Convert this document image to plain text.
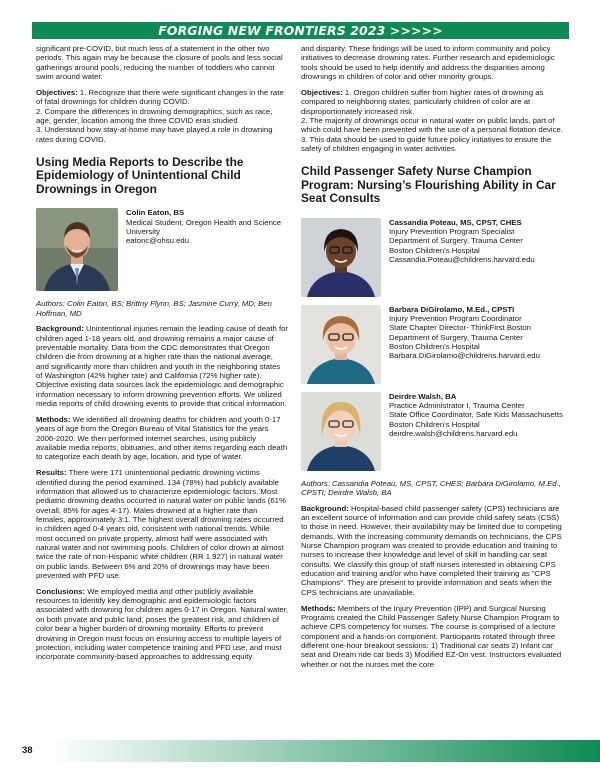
FORGING NEW FRONTIERS 2023 >>>>>

significant pre-COVID, but much less of a statement in the other two periods. This again may be because the closure of pools and less social gatherings around pools, reducing the number of toddlers who cannot swim around water.

Objectives: 1. Recognize that there were significant changes in the rate of fatal drownings for children during COVID.
2. Compare the differences in drowning demographics, such as race, age, gender, location among the three COVID eras studied
3. Understand how stay-at-home may have played a role in drowning rates during COVID.

Using Media Reports to Describe the Epidemiology of Unintentional Child Drownings in Oregon
Colin Eaton, BS
Medical Student, Oregon Health and Science University
eatonc@ohsu.edu

Authors: Colin Eaton, BS; Brittny Flynn, BS; Jasmine Curry, MD; Ben Hoffman, MD

Background: Unintentional injuries remain the leading cause of death for children aged 1-18 years old, and drowning remains a major cause of preventable mortality. Data from the CDC demonstrates that Oregon children die from drowning at a higher rate than the national average, and significantly more than children and youth in the neighboring states of Washington (42% higher rate) and California (72% higher rate). Objective existing data sources lack the epidemiologic and demographic information necessary to inform drowning prevention efforts. We utilized media reports of child drowning events to provide that critical information.

Methods: We identified all drowning deaths for children and youth 0-17 years of age from the Oregon Bureau of Vital Statistics for the years 2006-2020. We then performed internet searches, using publicly available media reports, obituaries, and other items regarding each death to categorize each death by age, location, and type of water.

Results: There were 171 unintentional pediatric drowning victims identified during the period examined. 134 (78%) had publicly available information that allowed us to characterize epidemiologic factors. Most pediatric drowning deaths occurred in natural water on public lands (61% overall, 85% for ages 4-17). Males drowned at a higher rate than females, approximately 3:1. The highest overall drowning rates occurred in children aged 0-4 years old, consistent with national trends. While most occurred on private property, almost half were associated with natural water and not swimming pools. Children of color drown at almost twice the rate of non-Hispanic white children (RR 1.927) in natural water on public lands. Between 6% and 20% of drownings may have been prevented with PFD use.

Conclusions: We employed media and other publicly available resources to identify key demographic and epidemiologic factors associated with drowning for children ages 0-17 in Oregon. Natural water, on both private and public land, poses the greatest risk, and children of color bear a higher burden of drowning mortality. Efforts to prevent drowning in Oregon must focus on ensuring access to multiple layers of protection, including water competence training and PFD use, and must incorporate community-based approaches to addressing equity

and disparity. These findings will be used to inform community and policy initiatives to decrease drowning rates. Further research and epidemiologic tools should be used to help identify and address the disparities among drownings in children of color and other minority groups.

Objectives: 1. Oregon children suffer from higher rates of drowning as compared to neighboring states, particularly children of color are at disproportionately increased risk.
2. The majority of drownings occur in natural water on public lands, part of which could have been prevented with the use of a personal flotation device.
3. This data should be used to guide future policy initiatives to ensure the safety of children engaging in water activities.

Child Passenger Safety Nurse Champion Program: Nursing’s Flourishing Ability in Car Seat Consults
Cassandia Poteau, MS, CPST, CHES
Injury Prevention Program Specialist
Department of Surgery, Trauma Center
Boston Children’s Hospital
Cassandia.Poteau@childrens.harvard.edu
Barbara DiGirolamo, M.Ed., CPSTI
Injury Prevention Program Coordinator
State Chapter Director- ThinkFirst Boston
Department of Surgery, Trauma Center
Boston Children’s Hospital
Barbara.DiGirolamo@childrens.harvard.edu
Deirdre Walsh, BA
Practice Administrator I, Trauma Center
State Office Coordinator, Safe Kids Massachusetts
Boston Children’s Hospital
deirdre.walsh@childrens.harvard.edu

Authors: Cassandia Poteau, MS, CPST, CHES; Barbara DiGirolamo, M.Ed., CPSTI; Deirdre Walsh, BA

Background: Hospital-based child passenger safety (CPS) technicians are an excellent source of information and can provide child safety seats (CSS) to those in need. However, their availability may be limited due to competing demands. With the increasing community demands on technicians, the CPS Nurse Champion program was created to provide education and training to nurses to increase their knowledge and level of skill in handling car seat consults. We classify this group of staff nurses interested in obtaining CPS education and training and/or who have completed their training as "CPS Champions". They are present to provide information and seats when the CPS technicians are unavailable.

Methods: Members of the Injury Prevention (IPP) and Surgical Nursing Programs created the Child Passenger Safety Nurse Champion Program to achieve CPS competency for nurses. The course is comprised of a lecture component and a hands-on component. Participants rotated through three different one-hour breakout sessions: 1) Traditional car seats 2) Infant car seat and Dream ride car beds 3) Modified EZ-On vest. Instructors evaluated whether or not the nurses met the core

38
